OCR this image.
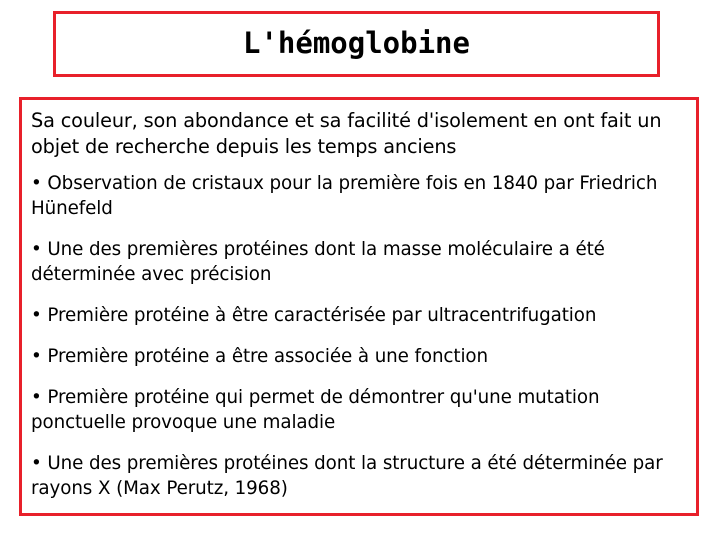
L'hémoglobine

Sa couleur, son abondance et sa facilité d'isolement en ont fait un objet de recherche depuis les temps anciens

• Observation de cristaux pour la première fois en 1840 par Friedrich Hünefeld
• Une des premières protéines dont la masse moléculaire a été déterminée avec précision
• Première protéine à être caractérisée par ultracentrifugation
• Première protéine a être associée à une fonction
• Première protéine qui permet de démontrer qu'une mutation ponctuelle provoque une maladie
• Une des premières protéines dont la structure a été déterminée par rayons X (Max Perutz, 1968)
